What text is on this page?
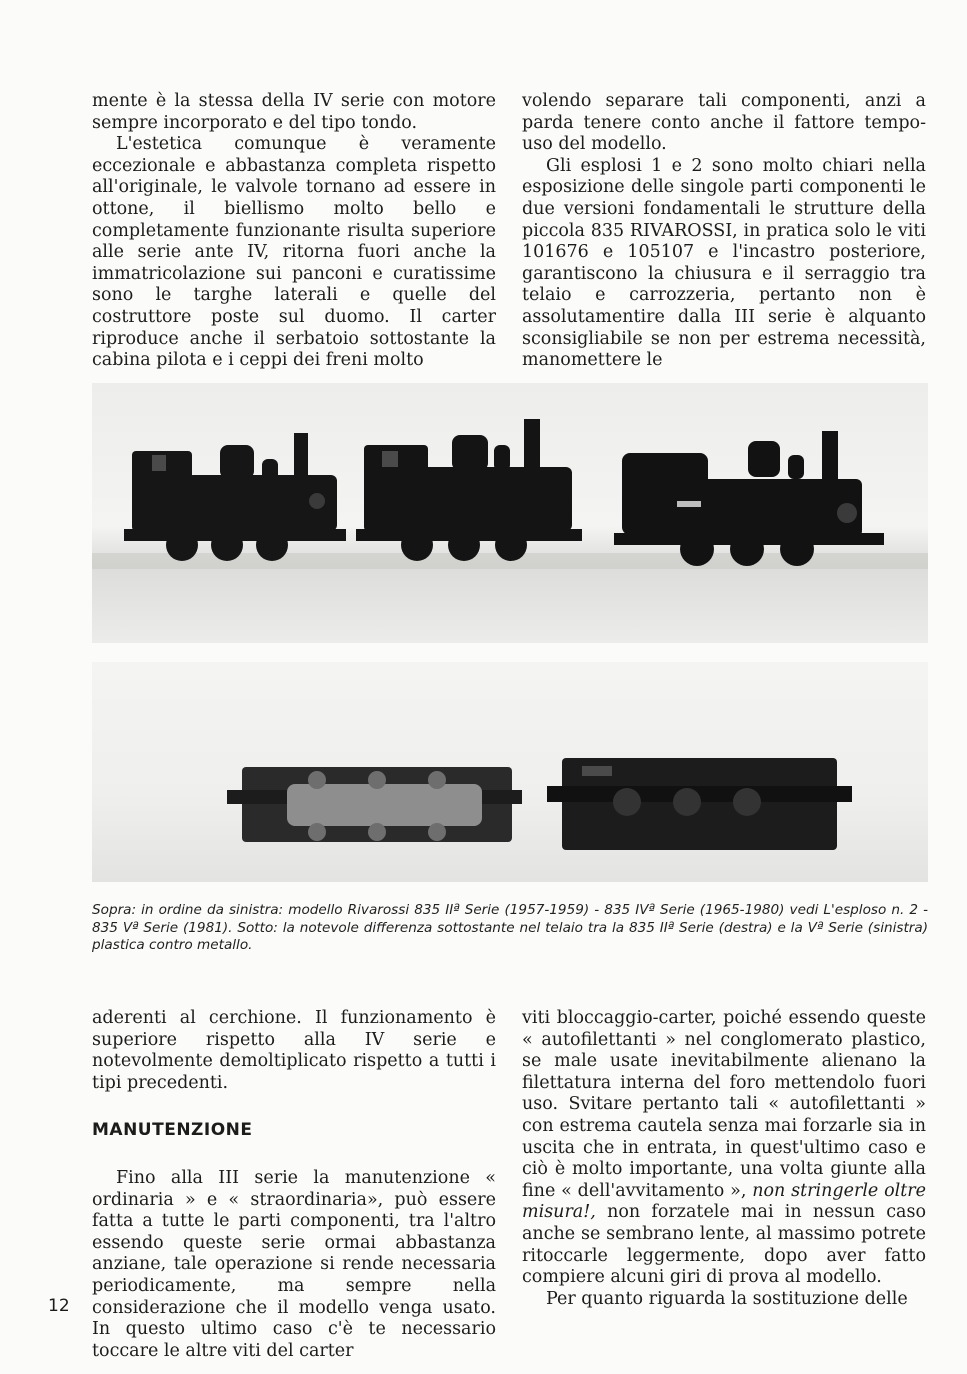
mente è la stessa della IV serie con motore sempre incorporato e del tipo tondo.

L'estetica comunque è veramente eccezionale e abbastanza completa rispetto all'originale, le valvole tornano ad essere in ottone, il biellismo molto bello e completamente funzionante risulta superiore alle serie ante IV, ritorna fuori anche la immatricolazione sui panconi e curatissime sono le targhe laterali e quelle del costruttore poste sul duomo. Il carter riproduce anche il serbatoio sottostante la cabina pilota e i ceppi dei freni molto

volendo separare tali componenti, anzi a parda tenere conto anche il fattore tempo-uso del modello.

Gli esplosi 1 e 2 sono molto chiari nella esposizione delle singole parti componenti le due versioni fondamentali le strutture della piccola 835 RIVAROSSI, in pratica solo le viti 101676 e 105107 e l'incastro posteriore, garantiscono la chiusura e il serraggio tra telaio e carrozzeria, pertanto non è assolutamentire dalla III serie è alquanto sconsigliabile se non per estrema necessità, manomettere le

Sopra: in ordine da sinistra: modello Rivarossi 835 IIª Serie (1957-1959) - 835 IVª Serie (1965-1980) vedi L'esploso n. 2 - 835 Vª Serie (1981). Sotto: la notevole differenza sottostante nel telaio tra la 835 IIª Serie (destra) e la Vª Serie (sinistra) plastica contro metallo.

aderenti al cerchione. Il funzionamento è superiore rispetto alla IV serie e notevolmente demoltiplicato rispetto a tutti i tipi precedenti.

MANUTENZIONE

Fino alla III serie la manutenzione « ordinaria » e « straordinaria», può essere fatta a tutte le parti componenti, tra l'altro essendo queste serie ormai abbastanza anziane, tale operazione si rende necessaria periodicamente, ma sempre nella considerazione che il modello venga usato. In questo ultimo caso c'è te necessario toccare le altre viti del carter

viti bloccaggio-carter, poiché essendo queste « autofilettanti » nel conglomerato plastico, se male usate inevitabilmente alienano la filettatura interna del foro mettendolo fuori uso. Svitare pertanto tali « autofilettanti » con estrema cautela senza mai forzarle sia in uscita che in entrata, in quest'ultimo caso e ciò è molto importante, una volta giunte alla fine « dell'avvitamento », non stringerle oltre misura!, non forzatele mai in nessun caso anche se sembrano lente, al massimo potrete ritoccarle leggermente, dopo aver fatto compiere alcuni giri di prova al modello.

Per quanto riguarda la sostituzione delle

12
